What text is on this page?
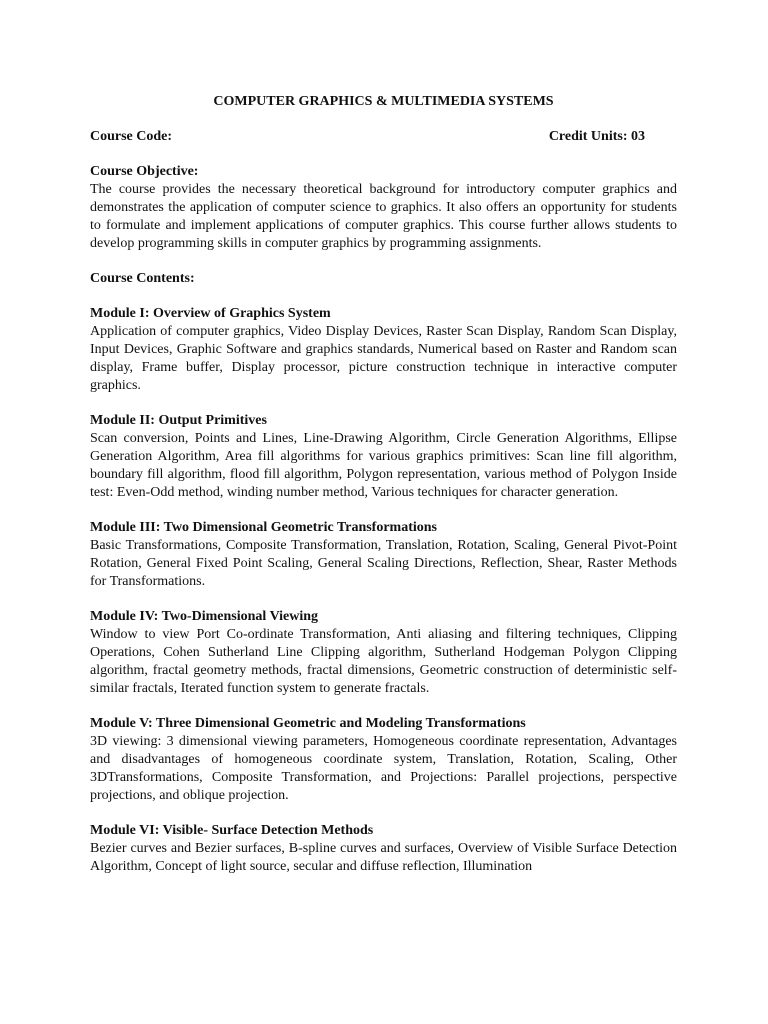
COMPUTER GRAPHICS & MULTIMEDIA SYSTEMS
Course Code:	Credit Units: 03
Course Objective:
The course provides the necessary theoretical background for introductory computer graphics and demonstrates the application of computer science to graphics. It also offers an opportunity for students to formulate and implement applications of computer graphics. This course further allows students to develop programming skills in computer graphics by programming assignments.
Course Contents:
Module I: Overview of Graphics System
Application of computer graphics, Video Display Devices, Raster Scan Display, Random Scan Display, Input Devices, Graphic Software and graphics standards, Numerical based on Raster and Random scan display, Frame buffer, Display processor, picture construction technique in interactive computer graphics.
Module II: Output Primitives
Scan conversion, Points and Lines, Line-Drawing Algorithm, Circle Generation Algorithms, Ellipse Generation Algorithm, Area fill algorithms for various graphics primitives: Scan line fill algorithm, boundary fill algorithm, flood fill algorithm, Polygon representation, various method of Polygon Inside test: Even-Odd method, winding number method, Various techniques for character generation.
Module III: Two Dimensional Geometric Transformations
Basic Transformations, Composite Transformation, Translation, Rotation, Scaling, General Pivot-Point Rotation, General Fixed Point Scaling, General Scaling Directions, Reflection, Shear, Raster Methods for Transformations.
Module IV: Two-Dimensional Viewing
Window to view Port Co-ordinate Transformation, Anti aliasing and filtering techniques, Clipping Operations, Cohen Sutherland Line Clipping algorithm, Sutherland Hodgeman Polygon Clipping algorithm, fractal geometry methods, fractal dimensions, Geometric construction of deterministic self-similar fractals, Iterated function system to generate fractals.
Module V: Three Dimensional Geometric and Modeling Transformations
3D viewing: 3 dimensional viewing parameters, Homogeneous coordinate representation, Advantages and disadvantages of homogeneous coordinate system, Translation, Rotation, Scaling, Other 3DTransformations, Composite Transformation, and Projections: Parallel projections, perspective projections, and oblique projection.
Module VI: Visible- Surface Detection Methods
Bezier curves and Bezier surfaces, B-spline curves and surfaces, Overview of Visible Surface Detection Algorithm, Concept of light source, secular and diffuse reflection, Illumination
